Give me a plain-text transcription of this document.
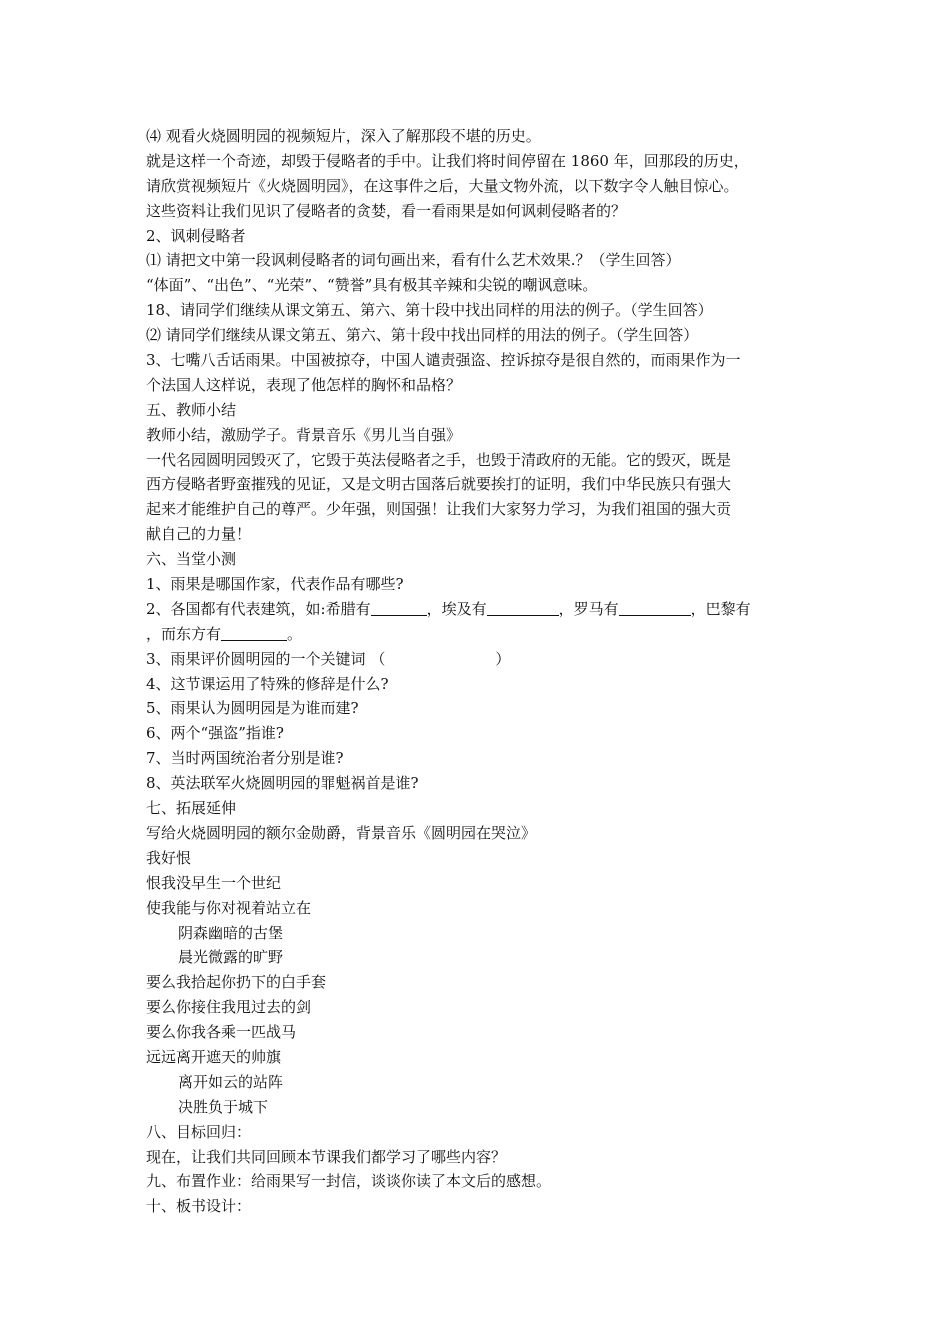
⑷ 观看火烧圆明园的视频短片，深入了解那段不堪的历史。
就是这样一个奇迹，却毁于侵略者的手中。让我们将时间停留在 1860 年，回那段的历史，
请欣赏视频短片《火烧圆明园》，在这事件之后，大量文物外流，以下数字令人触目惊心。
这些资料让我们见识了侵略者的贪婪，看一看雨果是如何讽刺侵略者的？
2、讽刺侵略者
⑴ 请把文中第一段讽刺侵略者的词句画出来，看有什么艺术效果.？（学生回答）
“体面”、“出色”、“光荣”、“赞誉”具有极其辛辣和尖锐的嘲讽意味。
18、请同学们继续从课文第五、第六、第十段中找出同样的用法的例子。（学生回答）
⑵ 请同学们继续从课文第五、第六、第十段中找出同样的用法的例子。（学生回答）
3、七嘴八舌话雨果。中国被掠夺，中国人谴责强盗、控诉掠夺是很自然的，而雨果作为一
个法国人这样说，表现了他怎样的胸怀和品格？
五、教师小结
教师小结，激励学子。背景音乐《男儿当自强》
一代名园圆明园毁灭了，它毁于英法侵略者之手，也毁于清政府的无能。它的毁灭，既是
西方侵略者野蛮摧残的见证，又是文明古国落后就要挨打的证明，我们中华民族只有强大
起来才能维护自己的尊严。少年强，则国强！让我们大家努力学习，为我们祖国的强大贡
献自己的力量！
六、当堂小测
1、雨果是哪国作家，代表作品有哪些?
2、各国都有代表建筑，如:希腊有	，埃及有	，罗马有	，巴黎有
，而东方有	。
3、雨果评价圆明园的一个关键词 （	）
4、这节课运用了特殊的修辞是什么?
5、雨果认为圆明园是为谁而建?
6、两个“强盗”指谁?
7、当时两国统治者分别是谁?
8、英法联军火烧圆明园的罪魁祸首是谁?
七、拓展延伸
写给火烧圆明园的额尔金勋爵，背景音乐《圆明园在哭泣》
我好恨
恨我没早生一个世纪
使我能与你对视着站立在
阴森幽暗的古堡
晨光微露的旷野
要么我拾起你扔下的白手套
要么你接住我甩过去的剑
要么你我各乘一匹战马
远远离开遮天的帅旗
离开如云的站阵
决胜负于城下
八、目标回归：
现在，让我们共同回顾本节课我们都学习了哪些内容？
九、布置作业：给雨果写一封信，谈谈你读了本文后的感想。
十、板书设计：
